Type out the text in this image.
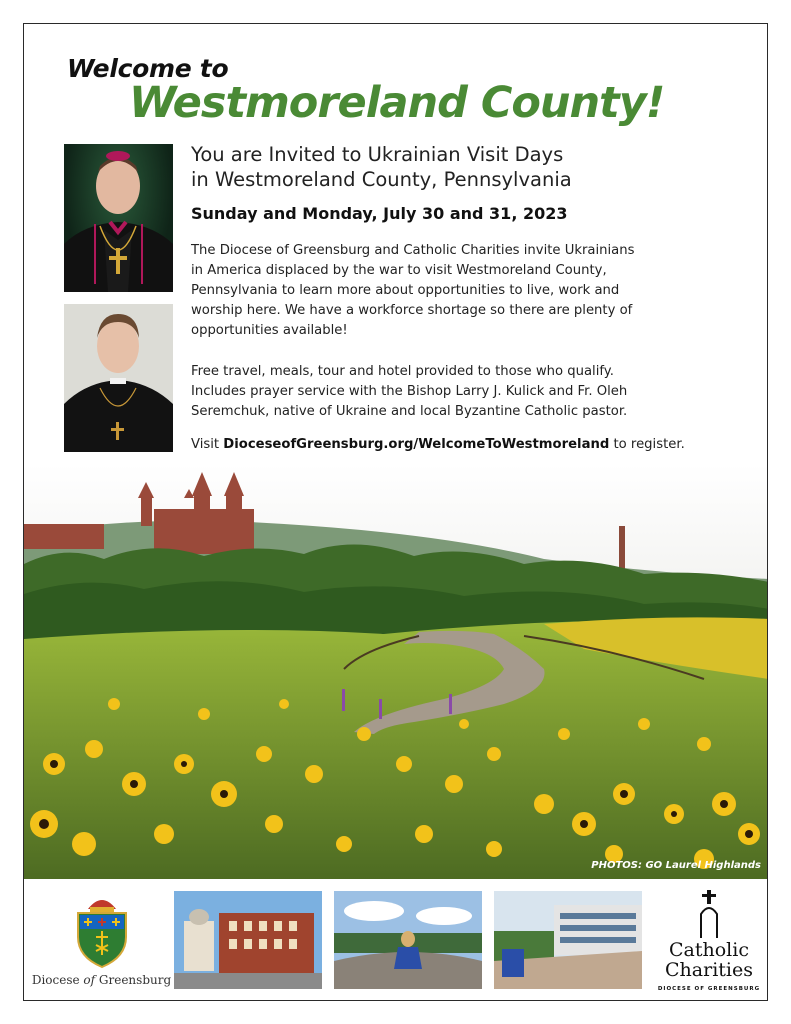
Welcome to
Westmoreland County!
You are Invited to Ukrainian Visit Days
in Westmoreland County, Pennsylvania
Sunday and Monday, July 30 and 31, 2023
The Diocese of Greensburg and Catholic Charities invite Ukrainians
in America displaced by the war to visit Westmoreland County,
Pennsylvania to learn more about opportunities to live, work and
worship here. We have a workforce shortage so there are plenty of
opportunities available!
Free travel, meals, tour and hotel provided to those who qualify.
Includes prayer service with the Bishop Larry J. Kulick and Fr. Oleh
Seremchuk, native of Ukraine and local Byzantine Catholic pastor.
Visit DioceseofGreensburg.org/WelcomeToWestmoreland to register.
PHOTOS: GO Laurel Highlands
Diocese of Greensburg
Catholic
Charities
DIOCESE OF GREENSBURG
